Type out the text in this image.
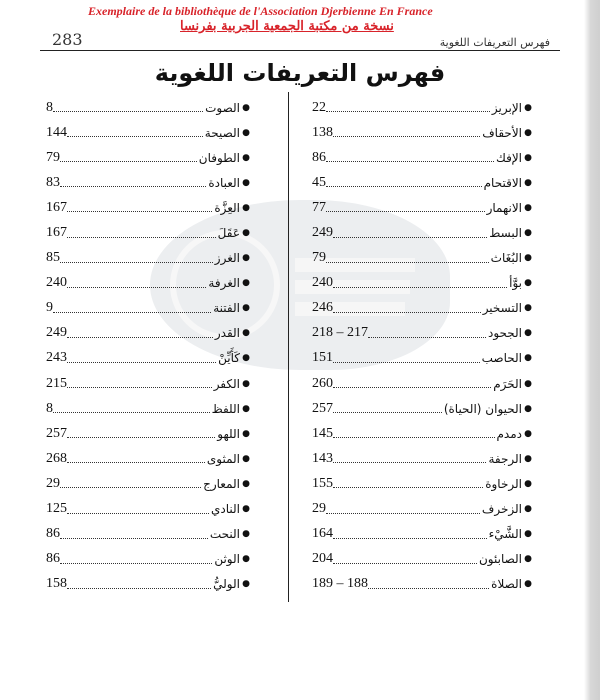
Exemplaire de la bibliothèque de l'Association Djerbienne En France
نسخة من مكتبة الجمعية الجربية بفرنسا
283	فهرس التعريفات اللغوية
فهرس التعريفات اللغوية
●
الإبريز
22
●
الأحقاف
138
●
الإفك
86
●
الاقتحام
45
●
الانهمار
77
●
البسط
249
●
البُغَاث
79
●
بوَّأ
240
●
التسخير
246
●
الجحود
218 – 217
●
الحاصب
151
●
الحَرَم
260
●
الحيوان (الحياة)
257
●
دمدم
145
●
الرجفة
143
●
الرخاوة
155
●
الزخرف
29
●
الشَّيْء
164
●
الصابئون
204
●
الصلاة
189 – 188
●
الصوت
8
●
الصيحة
144
●
الطوفان
79
●
العبادة
83
●
العِزَّة
167
●
عَقَلَ
167
●
الغرز
85
●
الغرفة
240
●
الفتنة
9
●
القدر
249
●
كَأَيِّنْ
243
●
الكفر
215
●
اللفظ
8
●
اللهو
257
●
المثوى
268
●
المعارج
29
●
النادي
125
●
النحت
86
●
الوثن
86
●
الوليُّ
158
